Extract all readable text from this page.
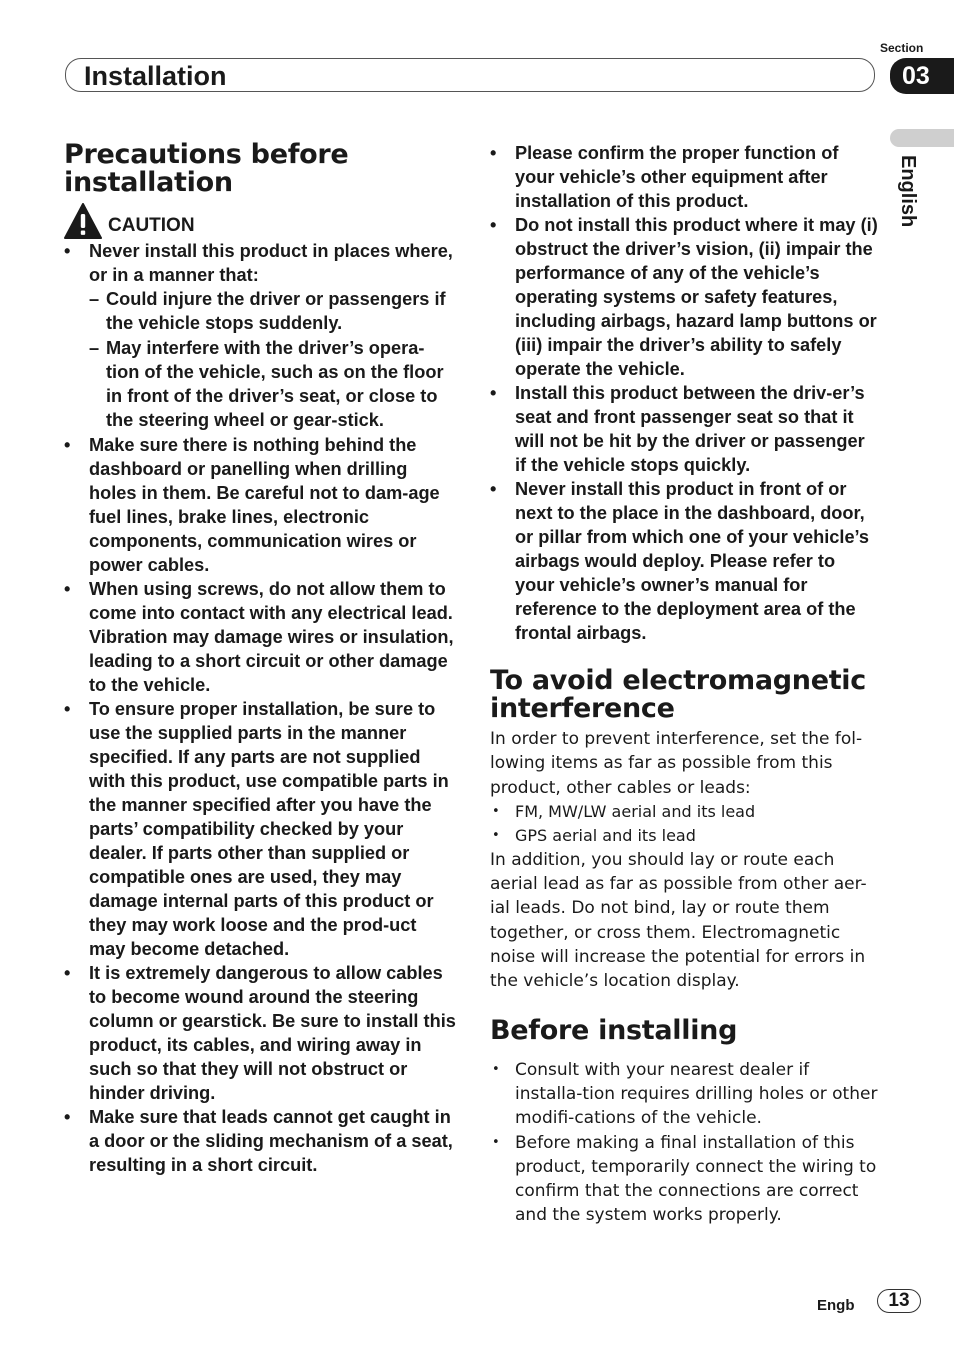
Section
Installation	03
English
Precautions before
installation
CAUTION
• Never install this product in places where, or in a manner that:
– Could injure the driver or passengers if the vehicle stops suddenly.
– May interfere with the driver’s opera-tion of the vehicle, such as on the floor in front of the driver’s seat, or close to the steering wheel or gear-stick.
• Make sure there is nothing behind the dashboard or panelling when drilling holes in them. Be careful not to dam-age fuel lines, brake lines, electronic components, communication wires or power cables.
• When using screws, do not allow them to come into contact with any electrical lead. Vibration may damage wires or insulation, leading to a short circuit or other damage to the vehicle.
• To ensure proper installation, be sure to use the supplied parts in the manner specified. If any parts are not supplied with this product, use compatible parts in the manner specified after you have the parts’ compatibility checked by your dealer. If parts other than supplied or compatible ones are used, they may damage internal parts of this product or they may work loose and the prod-uct may become detached.
• It is extremely dangerous to allow cables to become wound around the steering column or gearstick. Be sure to install this product, its cables, and wiring away in such so that they will not obstruct or hinder driving.
• Make sure that leads cannot get caught in a door or the sliding mechanism of a seat, resulting in a short circuit.
• Please confirm the proper function of your vehicle’s other equipment after installation of this product.
• Do not install this product where it may (i) obstruct the driver’s vision, (ii) impair the performance of any of the vehicle’s operating systems or safety features, including airbags, hazard lamp buttons or (iii) impair the driver’s ability to safely operate the vehicle.
• Install this product between the driv-er’s seat and front passenger seat so that it will not be hit by the driver or passenger if the vehicle stops quickly.
• Never install this product in front of or next to the place in the dashboard, door, or pillar from which one of your vehicle’s airbags would deploy. Please refer to your vehicle’s owner’s manual for reference to the deployment area of the frontal airbags.
To avoid electromagnetic
interference

In order to prevent interference, set the fol-lowing items as far as possible from this product, other cables or leads:

• FM, MW/LW aerial and its lead
• GPS aerial and its lead

In addition, you should lay or route each aerial lead as far as possible from other aer-ial leads. Do not bind, lay or route them together, or cross them. Electromagnetic noise will increase the potential for errors in the vehicle’s location display.

Before installing
• Consult with your nearest dealer if installa-tion requires drilling holes or other modifi-cations of the vehicle.
• Before making a final installation of this product, temporarily connect the wiring to confirm that the connections are correct and the system works properly.
Engb	13
